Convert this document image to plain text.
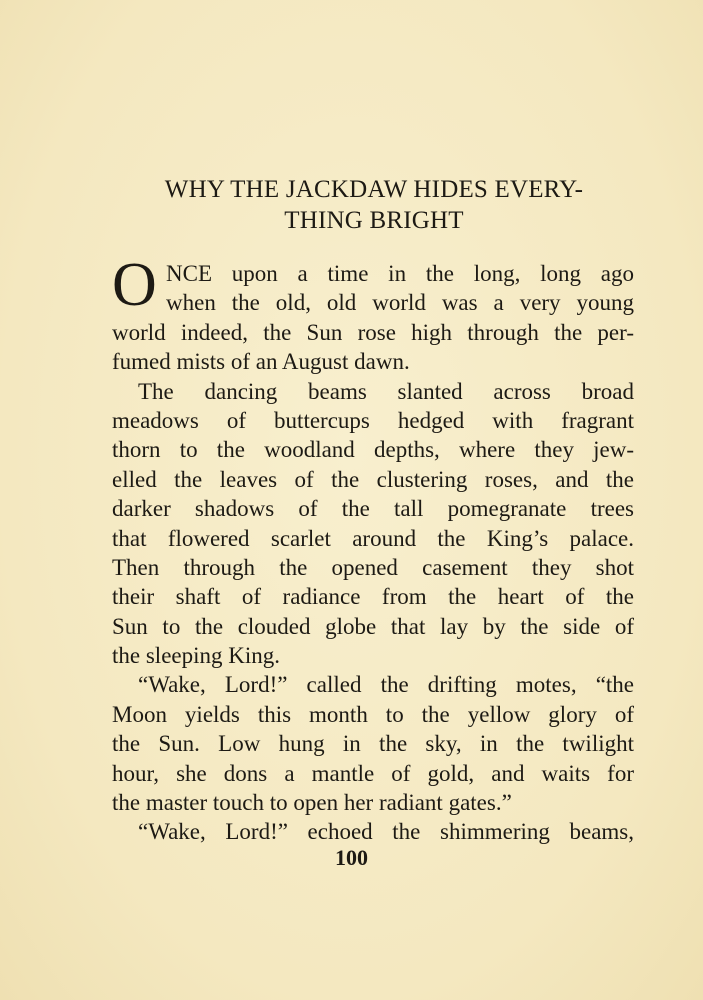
WHY THE JACKDAW HIDES EVERY-
THING BRIGHT
O NCE upon a time in the long, long ago
when the old, old world was a very young
world indeed, the Sun rose high through the per-
fumed mists of an August dawn.
The dancing beams slanted across broad
meadows of buttercups hedged with fragrant
thorn to the woodland depths, where they jew-
elled the leaves of the clustering roses, and the
darker shadows of the tall pomegranate trees
that flowered scarlet around the King’s palace.
Then through the opened casement they shot
their shaft of radiance from the heart of the
Sun to the clouded globe that lay by the side of
the sleeping King.
“Wake, Lord!” called the drifting motes, “the
Moon yields this month to the yellow glory of
the Sun. Low hung in the sky, in the twilight
hour, she dons a mantle of gold, and waits for
the master touch to open her radiant gates.”
“Wake, Lord!” echoed the shimmering beams,
100
